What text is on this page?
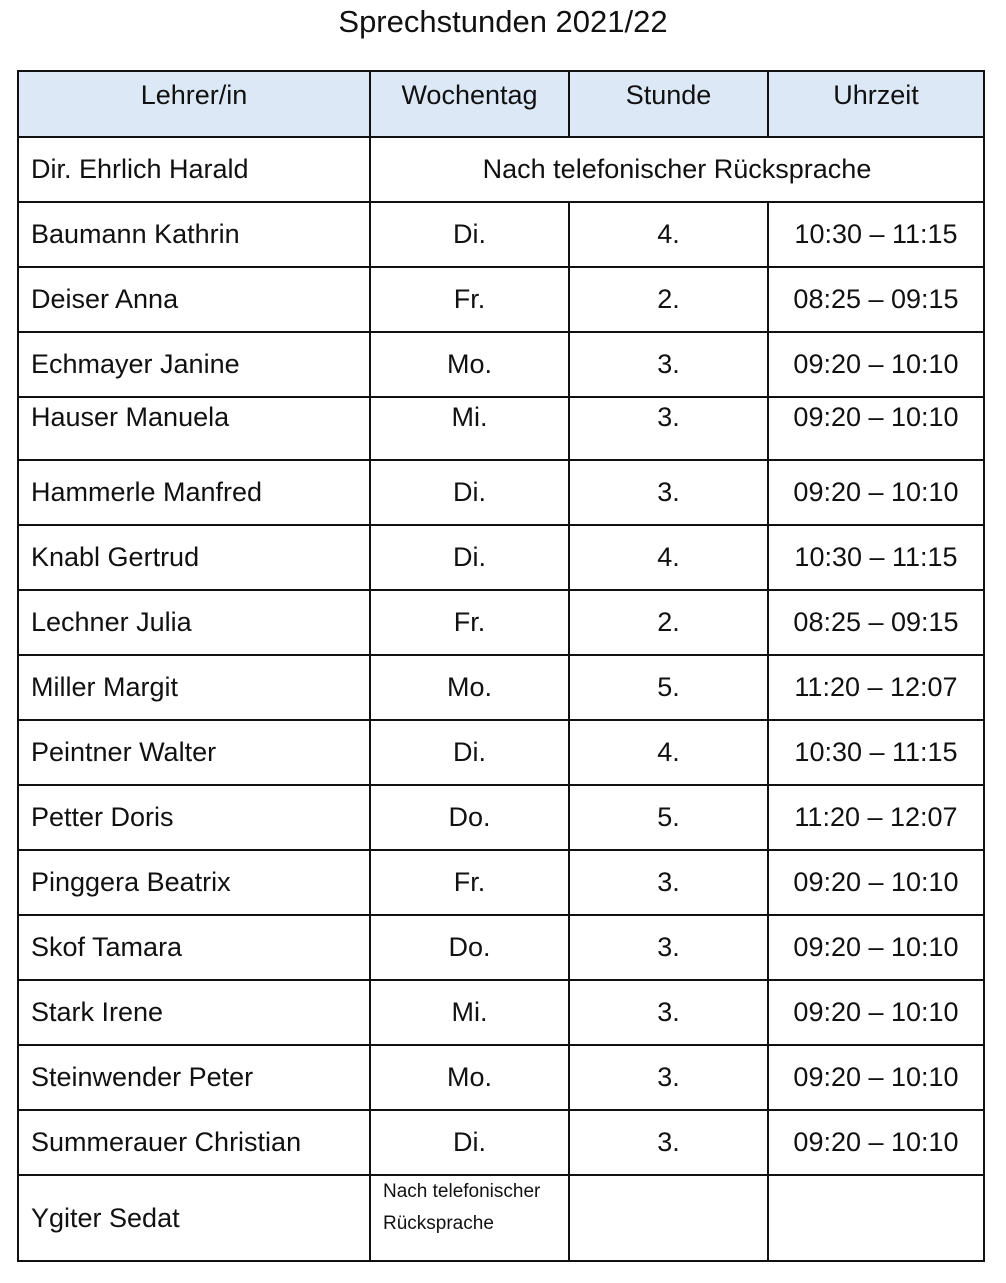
Sprechstunden 2021/22
Lehrer/in	Wochentag	Stunde	Uhrzeit
Dir. Ehrlich Harald	Nach telefonischer Rücksprache		
Baumann Kathrin	Di.	4.	10:30 – 11:15
Deiser Anna	Fr.	2.	08:25 – 09:15
Echmayer Janine	Mo.	3.	09:20 – 10:10
Hauser Manuela	Mi.	3.	09:20 – 10:10
Hammerle Manfred	Di.	3.	09:20 – 10:10
Knabl Gertrud	Di.	4.	10:30 – 11:15
Lechner Julia	Fr.	2.	08:25 – 09:15
Miller Margit	Mo.	5.	11:20 – 12:07
Peintner Walter	Di.	4.	10:30 – 11:15
Petter Doris	Do.	5.	11:20 – 12:07
Pinggera Beatrix	Fr.	3.	09:20 – 10:10
Skof Tamara	Do.	3.	09:20 – 10:10
Stark Irene	Mi.	3.	09:20 – 10:10
Steinwender Peter	Mo.	3.	09:20 – 10:10
Summerauer Christian	Di.	3.	09:20 – 10:10
Ygiter Sedat	Nach telefonischer
Rücksprache		
